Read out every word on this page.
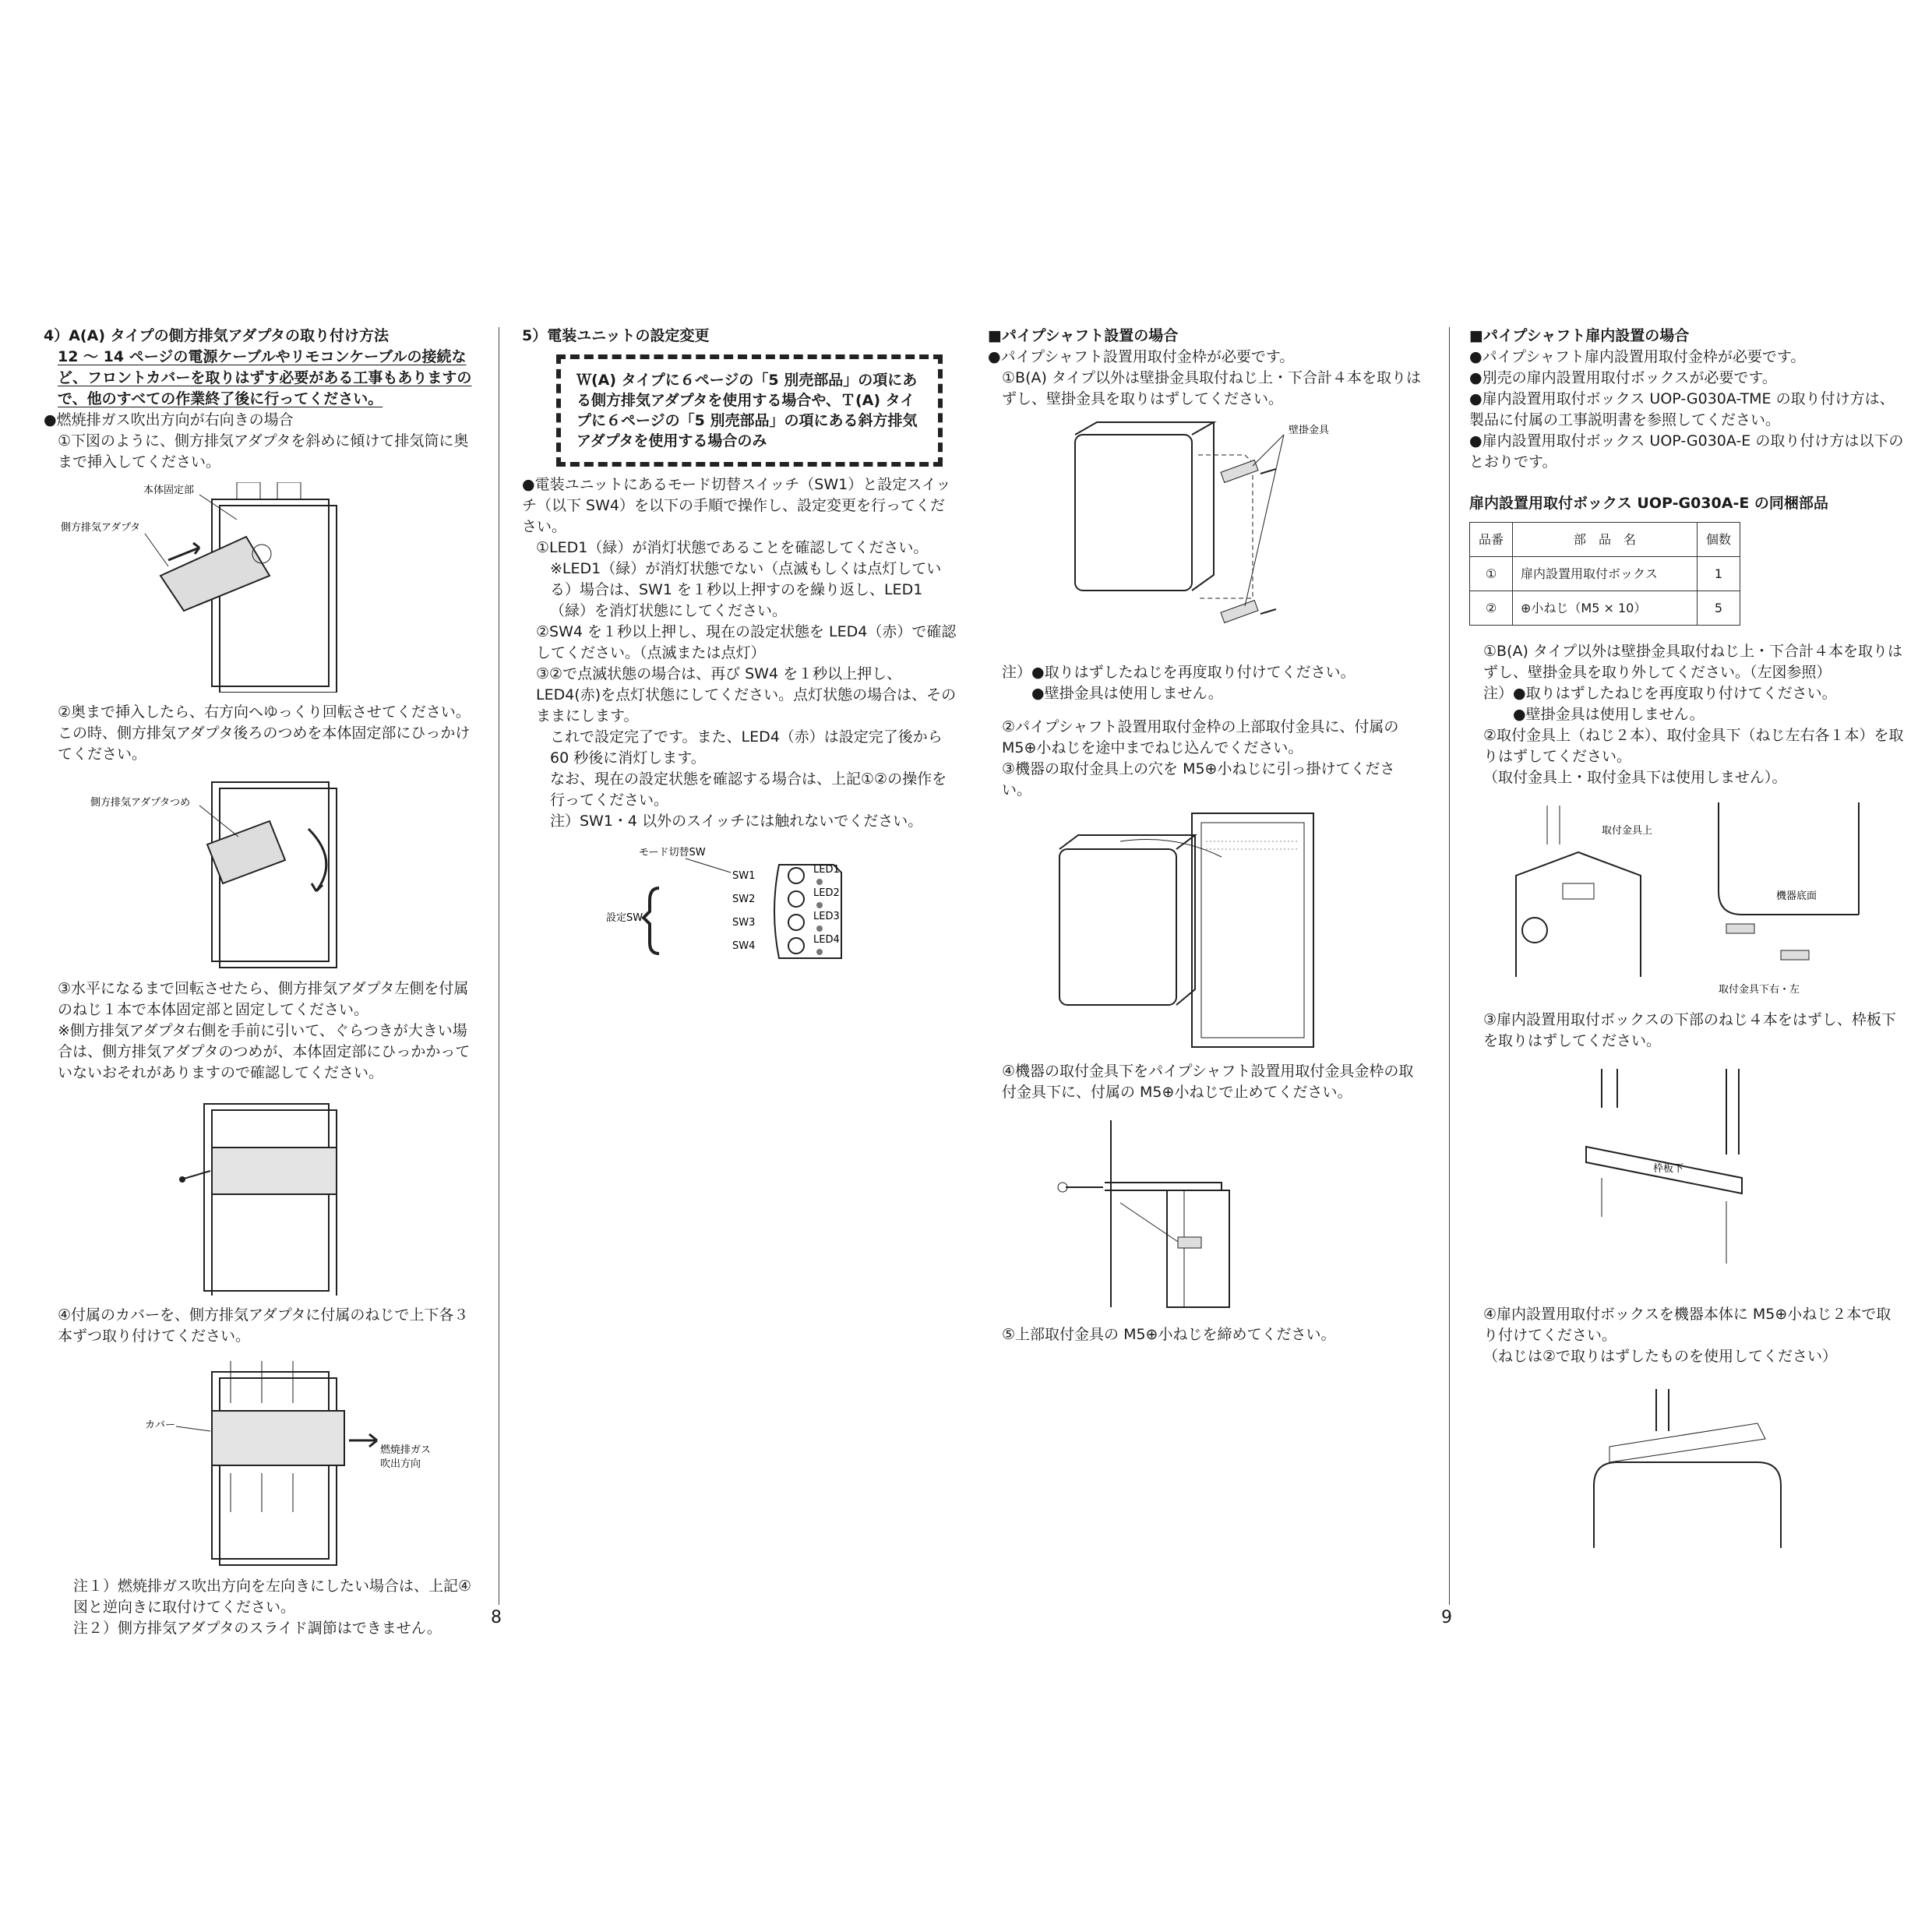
4）A(A) タイプの側方排気アダプタの取り付け方法

12 ～ 14 ページの電源ケーブルやリモコンケーブルの接続など、フロントカバーを取りはずす必要がある工事もありますので、他のすべての作業終了後に行ってください。

●燃焼排ガス吹出方向が右向きの場合

①下図のように、側方排気アダプタを斜めに傾けて排気筒に奥まで挿入してください。

本体固定部
側方排気アダプタ

②奥まで挿入したら、右方向へゆっくり回転させてください。この時、側方排気アダプタ後ろのつめを本体固定部にひっかけてください。

側方排気アダプタつめ

③水平になるまで回転させたら、側方排気アダプタ左側を付属のねじ１本で本体固定部と固定してください。

※側方排気アダプタ右側を手前に引いて、ぐらつきが大きい場合は、側方排気アダプタのつめが、本体固定部にひっかかっていないおそれがありますので確認してください。

④付属のカバーを、側方排気アダプタに付属のねじで上下各３本ずつ取り付けてください。

カバー
燃焼排ガス
吹出方向

注１）燃焼排ガス吹出方向を左向きにしたい場合は、上記④図と逆向きに取付けてください。

注２）側方排気アダプタのスライド調節はできません。

8

5）電装ユニットの設定変更

Ｗ(A) タイプに６ページの「5 別売部品」の項にある側方排気アダプタを使用する場合や、Ｔ(A) タイプに６ページの「5 別売部品」の項にある斜方排気アダプタを使用する場合のみ

●電装ユニットにあるモード切替スイッチ（SW1）と設定スイッチ（以下 SW4）を以下の手順で操作し、設定変更を行ってください。

①LED1（緑）が消灯状態であることを確認してください。

※LED1（緑）が消灯状態でない（点滅もしくは点灯している）場合は、SW1 を１秒以上押すのを繰り返し、LED1（緑）を消灯状態にしてください。

②SW4 を１秒以上押し、現在の設定状態を LED4（赤）で確認してください。（点滅または点灯）

③②で点滅状態の場合は、再び SW4 を１秒以上押し、LED4(赤)を点灯状態にしてください。点灯状態の場合は、そのままにします。

これで設定完了です。また、LED4（赤）は設定完了後から 60 秒後に消灯します。

なお、現在の設定状態を確認する場合は、上記①②の操作を行ってください。

注）SW1・4 以外のスイッチには触れないでください。

モード切替SW
設定SW
SW1
SW2
SW3
SW4
LED1
LED2
LED3
LED4

■パイプシャフト設置の場合

●パイプシャフト設置用取付金枠が必要です。

①B(A) タイプ以外は壁掛金具取付ねじ上・下合計４本を取りはずし、壁掛金具を取りはずしてください。

壁掛金具

注）●取りはずしたねじを再度取り付けてください。

●壁掛金具は使用しません。

②パイプシャフト設置用取付金枠の上部取付金具に、付属の M5⊕小ねじを途中までねじ込んでください。

③機器の取付金具上の穴を M5⊕小ねじに引っ掛けてください。

④機器の取付金具下をパイプシャフト設置用取付金具金枠の取付金具下に、付属の M5⊕小ねじで止めてください。

⑤上部取付金具の M5⊕小ねじを締めてください。

9

■パイプシャフト扉内設置の場合

●パイプシャフト扉内設置用取付金枠が必要です。

●別売の扉内設置用取付ボックスが必要です。

●扉内設置用取付ボックス UOP-G030A-TME の取り付け方は、製品に付属の工事説明書を参照してください。

●扉内設置用取付ボックス UOP-G030A-E の取り付け方は以下のとおりです。

扉内設置用取付ボックス UOP-G030A-E の同梱部品

品番	部　品　名	個数
①	扉内設置用取付ボックス	1
②	⊕小ねじ（M5 × 10）	5

①B(A) タイプ以外は壁掛金具取付ねじ上・下合計４本を取りはずし、壁掛金具を取り外してください。（左図参照）

注）●取りはずしたねじを再度取り付けてください。

●壁掛金具は使用しません。

②取付金具上（ねじ２本）、取付金具下（ねじ左右各１本）を取りはずしてください。

（取付金具上・取付金具下は使用しません）。

取付金具上
機器底面
取付金具下右・左

③扉内設置用取付ボックスの下部のねじ４本をはずし、枠板下を取りはずしてください。

枠板下

④扉内設置用取付ボックスを機器本体に M5⊕小ねじ２本で取り付けてください。

（ねじは②で取りはずしたものを使用してください）
